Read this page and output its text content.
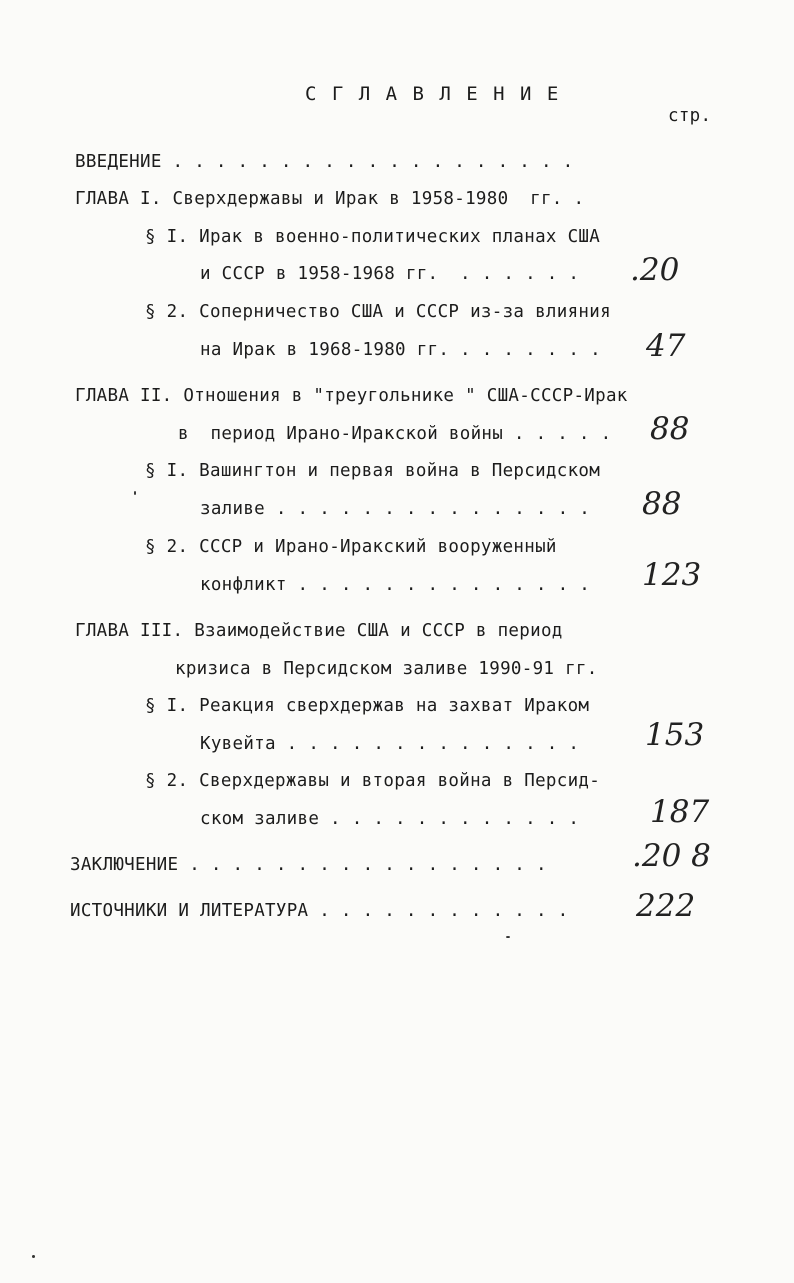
С Г Л А В Л Е Н И Е
стр.
ВВЕДЕНИЕ . . . . . . . . . . . . . . . . . . .
ГЛАВА I. Сверхдержавы и Ирак в 1958-1980  гг. .
§ I. Ирак в военно-политических планах США
и СССР в 1958-1968 гг.  . . . . . . .20
§ 2. Соперничество США и СССР из-за влияния
на Ирак в 1968-1980 гг. . . . . . . . 47
ГЛАВА II. Отношения в "треугольнике " США-СССР-Ирак
в  период Ирано-Иракской войны . . . . . 88
§ I. Вашингтон и первая война в Персидском
заливе . . . . . . . . . . . . . . . 88
§ 2. СССР и Ирано-Иракский вооруженный
конфликт . . . . . . . . . . . . . . 123
ГЛАВА III. Взаимодействие США и СССР в период
кризиса в Персидском заливе 1990-91 гг.
§ I. Реакция сверхдержав на захват Ираком
Кувейта . . . . . . . . . . . . . . 153
§ 2. Сверхдержавы и вторая война в Персид-
ском заливе . . . . . . . . . . . . 187
ЗАКЛЮЧЕНИЕ . . . . . . . . . . . . . . . . .	.20 8
ИСТОЧНИКИ И ЛИТЕРАТУРА . . . . . . . . . . . . 222
